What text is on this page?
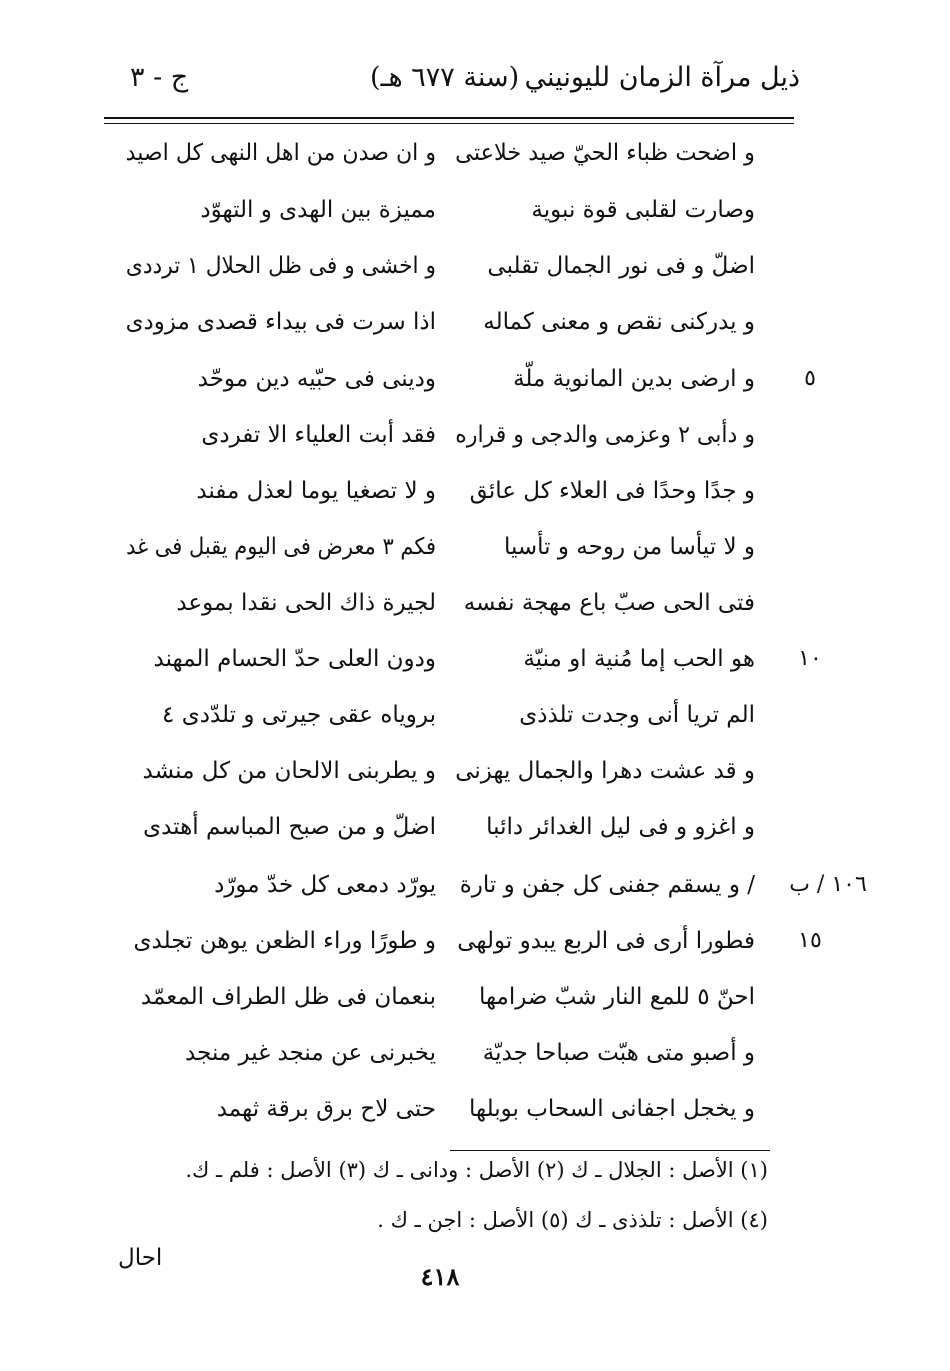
ذيل مرآة الزمان لليونيني
(سنة ٦٧٧ هـ)
ج - ٣
و اضحت ظباء الحيّ صيد خلاعتى
و ان صدن من اهل النهى كل اصيد
وصارت لقلبى قوة نبوية
مميزة بين الهدى و التهوّد
اضلّ و فى نور الجمال تقلبى
و اخشى و فى ظل الحلال ١ ترددى
و يدركنى نقص و معنى كماله
اذا سرت فى بيداء قصدى مزودى
٥
و ارضى بدين المانوية ملّة
ودينى فى حبّيه دين موحّد
و دأبى ٢ وعزمى والدجى و قراره
فقد أبت العلياء الا تفردى
و جدًا وحدًا فى العلاء كل عائق
و لا تصغيا يوما لعذل مفند
و لا تيأسا من روحه و تأسيا
فكم ٣ معرض فى اليوم يقبل فى غد
فتى الحى صبّ باع مهجة نفسه
لجيرة ذاك الحى نقدا بموعد
١٠
هو الحب إما مُنية او منيّة
ودون العلى حدّ الحسام المهند
الم تريا أنى وجدت تلذذى
بروياه عقى جيرتى و تلدّدى ٤
و قد عشت دهرا والجمال يهزنى
و يطربنى الالحان من كل منشد
و اغزو و فى ليل الغدائر دائبا
اضلّ و من صبح المباسم أهتدى
١٠٦ / ب
/ و يسقم جفنى كل جفن و تارة
يورّد دمعى كل خدّ مورّد
١٥
فطورا أرى فى الربع يبدو تولهى
و طورًا وراء الظعن يوهن تجلدى
احنّ ٥ للمع النار شبّ ضرامها
بنعمان فى ظل الطراف المعمّد
و أصبو متى هبّت صباحا جديّة
يخبرنى عن منجد غير منجد
و يخجل اجفانى السحاب بوبلها
حتى لاح برق برقة ثهمد
(١) الأصل : الجلال ـ ك (٢) الأصل : ودانى ـ ك (٣) الأصل : فلم ـ ك.
(٤) الأصل : تلذذى ـ ك (٥) الأصل : اجن ـ ك .
احال
٤١٨
